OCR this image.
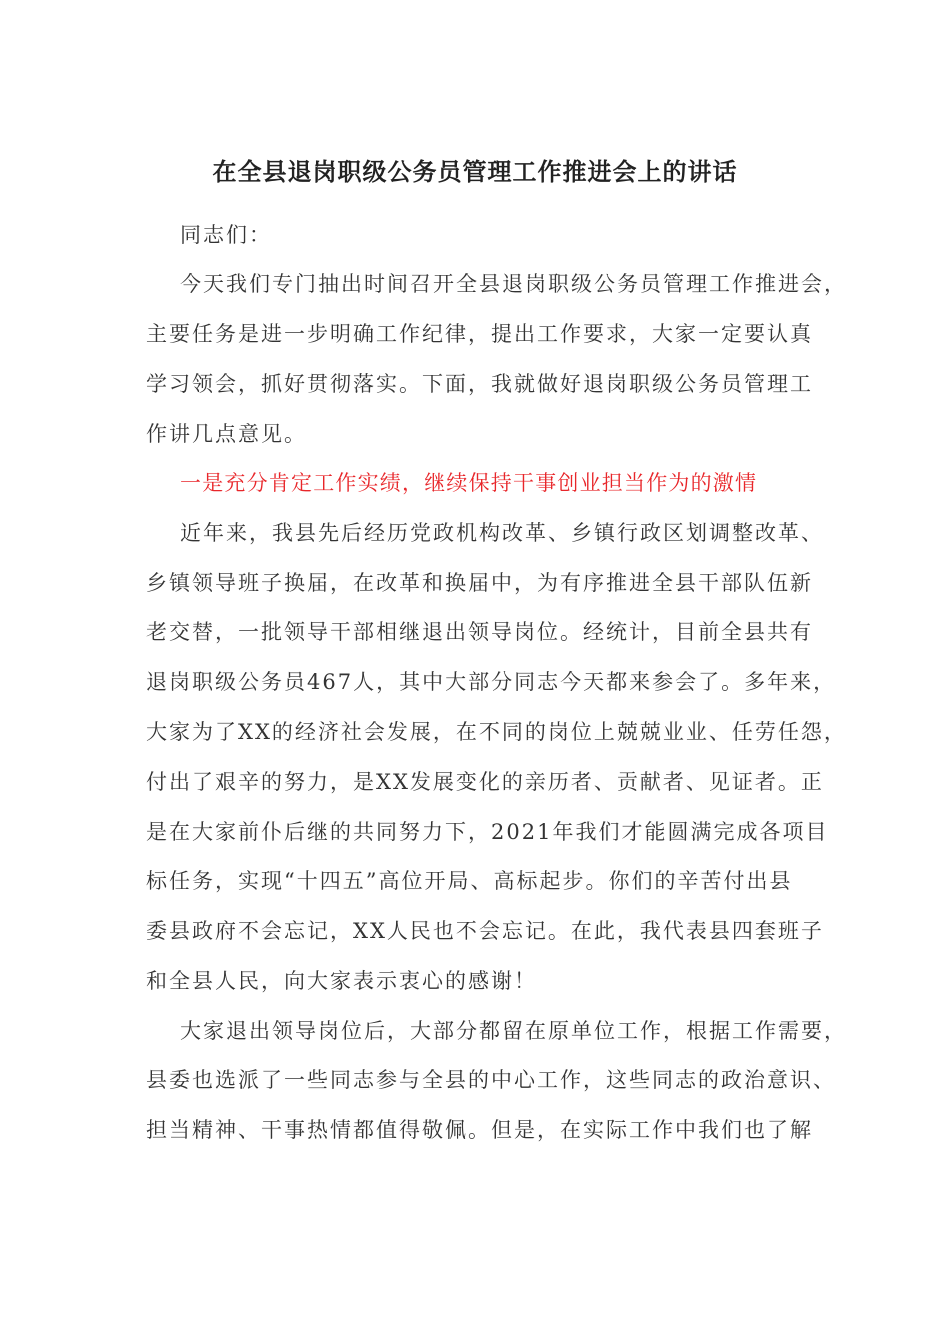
在全县退岗职级公务员管理工作推进会上的讲话
同志们：
今天我们专门抽出时间召开全县退岗职级公务员管理工作推进会，
主要任务是进一步明确工作纪律，提出工作要求，大家一定要认真
学习领会，抓好贯彻落实。下面，我就做好退岗职级公务员管理工
作讲几点意见。
一是充分肯定工作实绩，继续保持干事创业担当作为的激情
近年来，我县先后经历党政机构改革、乡镇行政区划调整改革、
乡镇领导班子换届，在改革和换届中，为有序推进全县干部队伍新
老交替，一批领导干部相继退出领导岗位。经统计，目前全县共有
退岗职级公务员467人，其中大部分同志今天都来参会了。多年来，
大家为了XX的经济社会发展，在不同的岗位上兢兢业业、任劳任怨，
付出了艰辛的努力，是XX发展变化的亲历者、贡献者、见证者。正
是在大家前仆后继的共同努力下，2021年我们才能圆满完成各项目
标任务，实现“十四五”高位开局、高标起步。你们的辛苦付出县
委县政府不会忘记，XX人民也不会忘记。在此，我代表县四套班子
和全县人民，向大家表示衷心的感谢！
大家退出领导岗位后，大部分都留在原单位工作，根据工作需要，
县委也选派了一些同志参与全县的中心工作，这些同志的政治意识、
担当精神、干事热情都值得敬佩。但是，在实际工作中我们也了解
